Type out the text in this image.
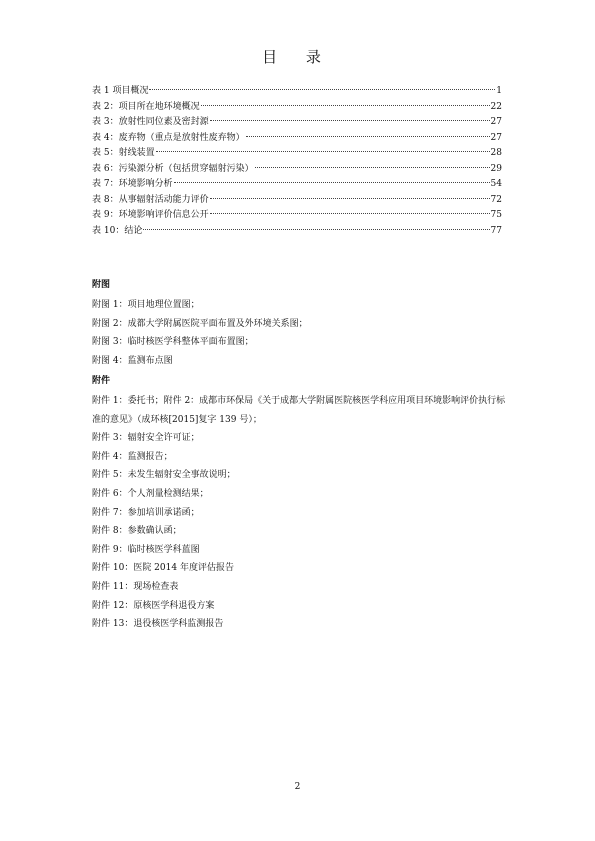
目 录
表 1 项目概况	1
表 2：项目所在地环境概况	22
表 3：放射性同位素及密封源	27
表 4：废弃物（重点是放射性废弃物）	27
表 5：射线装置	28
表 6：污染源分析（包括贯穿辐射污染）	29
表 7：环境影响分析	54
表 8：从事辐射活动能力评价	72
表 9：环境影响评价信息公开	75
表 10：结论	77
附图
附图 1：项目地理位置图；
附图 2：成都大学附属医院平面布置及外环境关系图；
附图 3：临时核医学科整体平面布置图；
附图 4：监测布点图
附件
附件 1：委托书；附件 2：成都市环保局《关于成都大学附属医院核医学科应用项目环境影响评价执行标准的意见》（成环核[2015]复字 139 号）；
附件 3：辐射安全许可证；
附件 4：监测报告；
附件 5：未发生辐射安全事故说明；
附件 6：个人剂量检测结果；
附件 7：参加培训承诺函；
附件 8：参数确认函；
附件 9：临时核医学科蓝图
附件 10：医院 2014 年度评估报告
附件 11：现场检查表
附件 12：原核医学科退役方案
附件 13：退役核医学科监测报告
2
